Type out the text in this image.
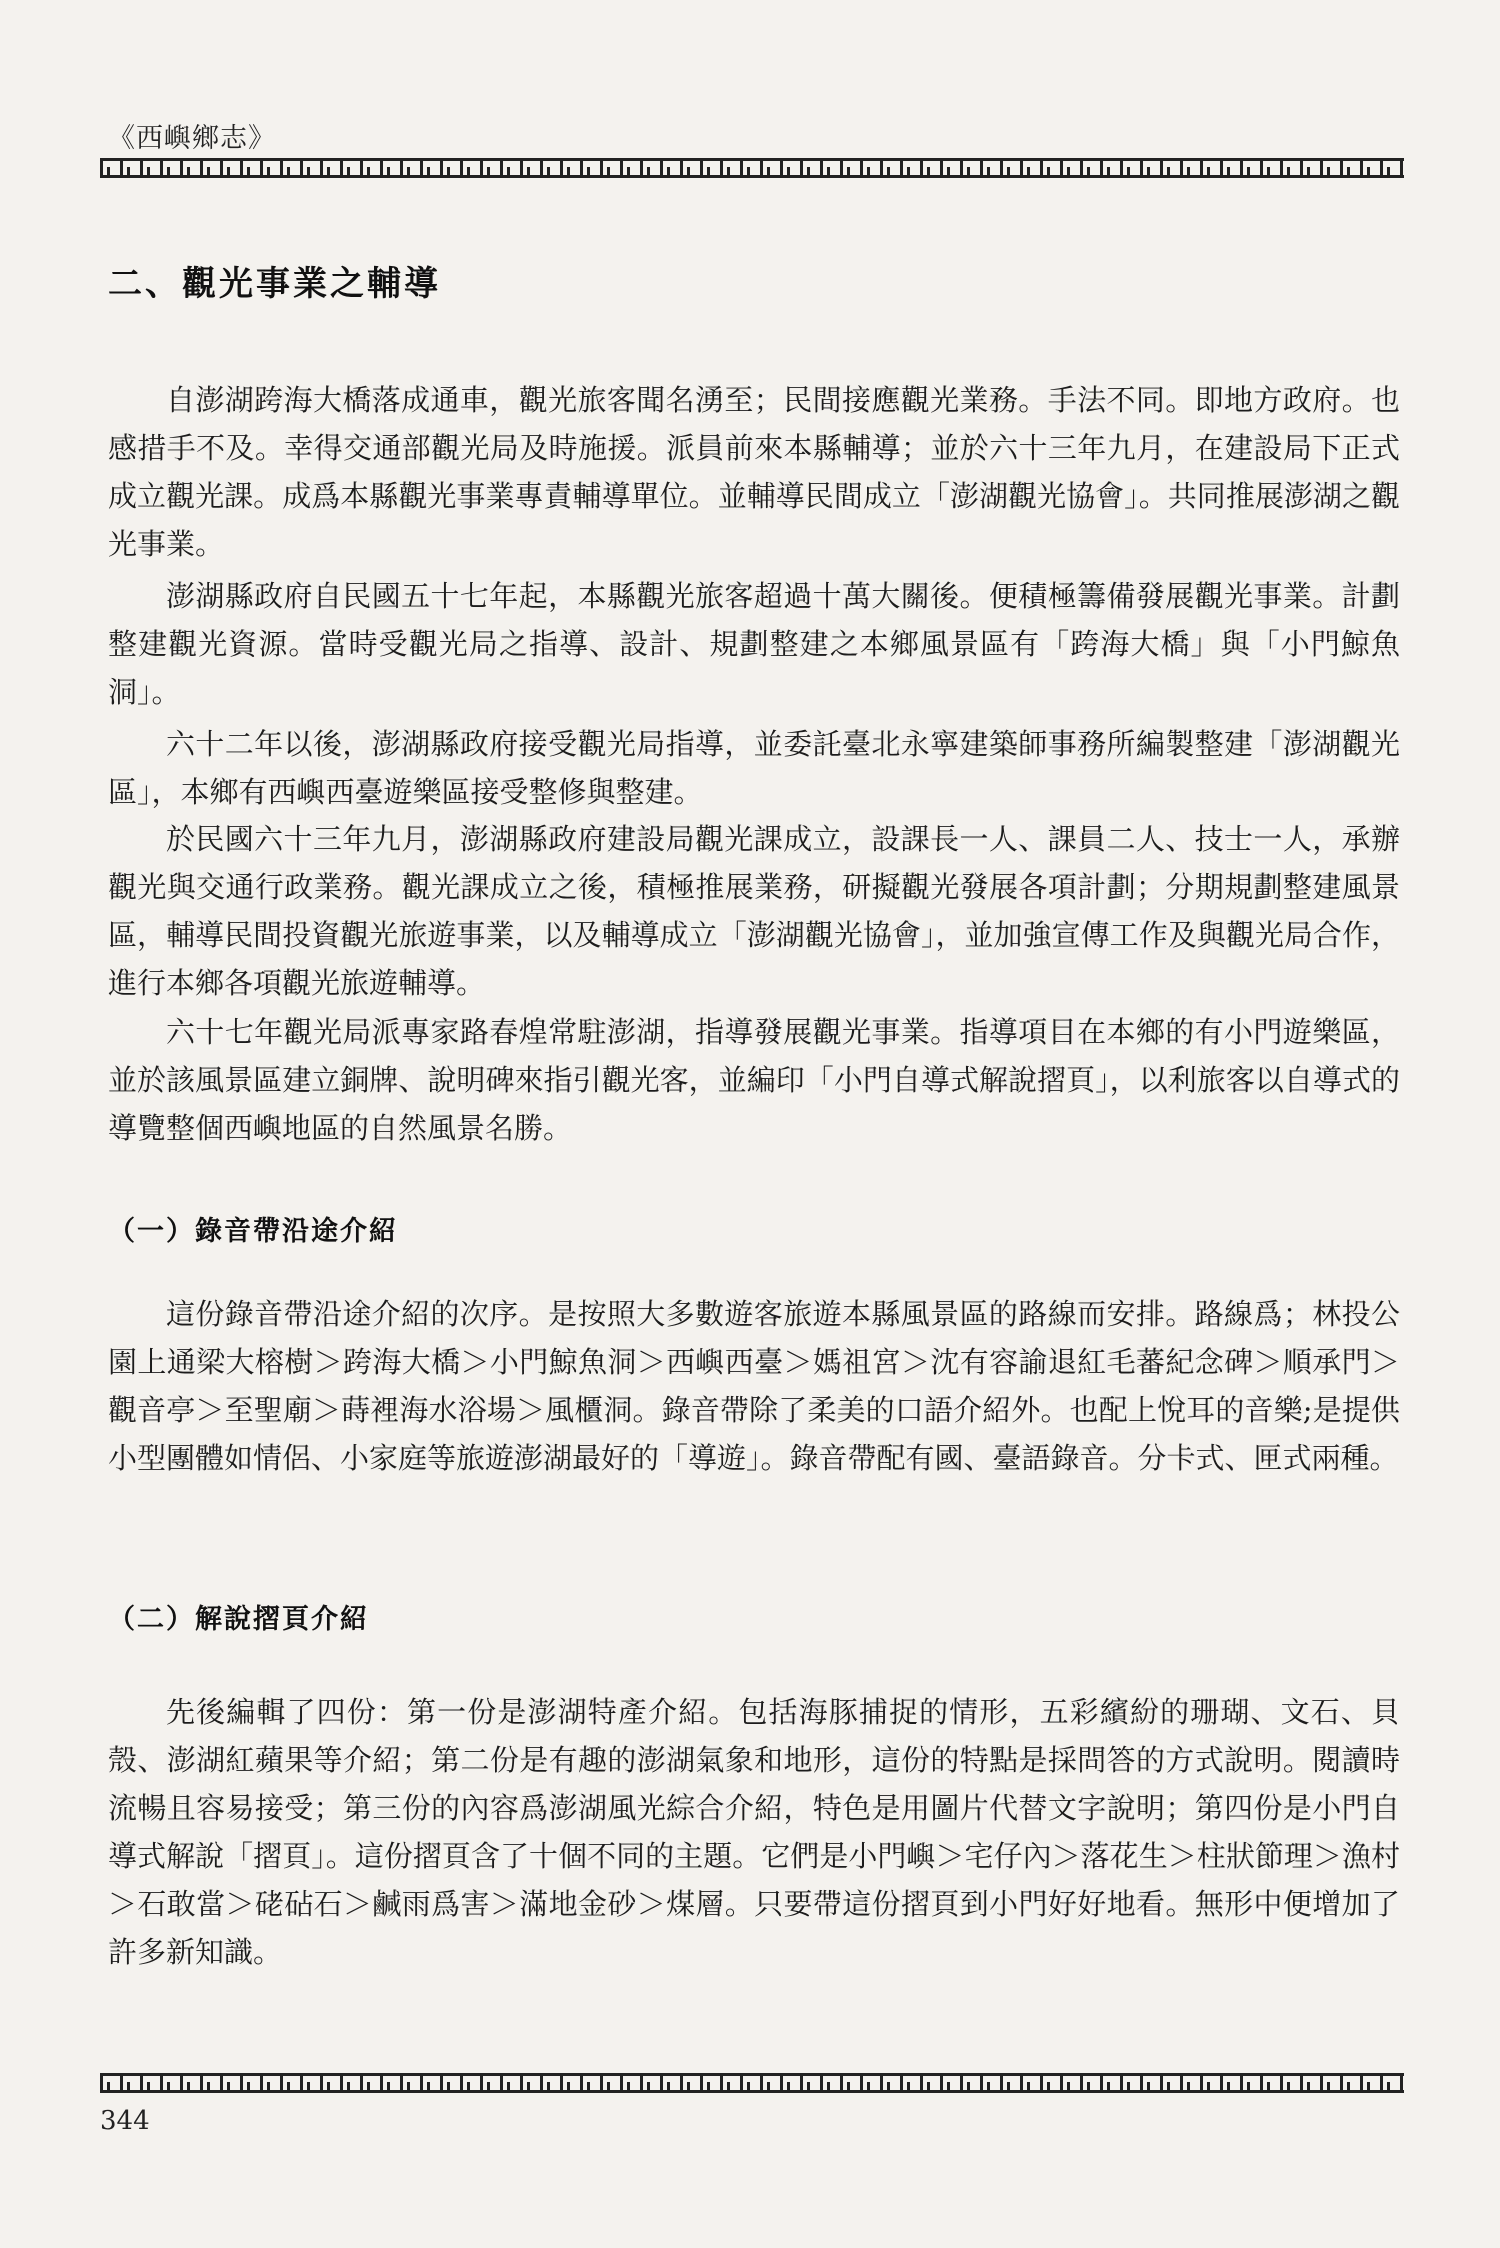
《西嶼鄉志》
二、觀光事業之輔導

自澎湖跨海大橋落成通車，觀光旅客聞名湧至；民間接應觀光業務。手法不同。即地方政府。也感措手不及。幸得交通部觀光局及時施援。派員前來本縣輔導；並於六十三年九月，在建設局下正式成立觀光課。成爲本縣觀光事業專責輔導單位。並輔導民間成立「澎湖觀光協會」。共同推展澎湖之觀光事業。

澎湖縣政府自民國五十七年起，本縣觀光旅客超過十萬大關後。便積極籌備發展觀光事業。計劃整建觀光資源。當時受觀光局之指導、設計、規劃整建之本鄉風景區有「跨海大橋」與「小門鯨魚洞」。

六十二年以後，澎湖縣政府接受觀光局指導，並委託臺北永寧建築師事務所編製整建「澎湖觀光區」，本鄉有西嶼西臺遊樂區接受整修與整建。

於民國六十三年九月，澎湖縣政府建設局觀光課成立，設課長一人、課員二人、技士一人，承辦觀光與交通行政業務。觀光課成立之後，積極推展業務，研擬觀光發展各項計劃；分期規劃整建風景區，輔導民間投資觀光旅遊事業，以及輔導成立「澎湖觀光協會」，並加強宣傳工作及與觀光局合作，進行本鄉各項觀光旅遊輔導。

六十七年觀光局派專家路春煌常駐澎湖，指導發展觀光事業。指導項目在本鄉的有小門遊樂區，並於該風景區建立銅牌、說明碑來指引觀光客，並編印「小門自導式解說摺頁」，以利旅客以自導式的導覽整個西嶼地區的自然風景名勝。

（一）錄音帶沿途介紹

這份錄音帶沿途介紹的次序。是按照大多數遊客旅遊本縣風景區的路線而安排。路線爲；林投公園上通梁大榕樹＞跨海大橋＞小門鯨魚洞＞西嶼西臺＞媽祖宮＞沈有容諭退紅毛蕃紀念碑＞順承門＞觀音亭＞至聖廟＞蒔裡海水浴場＞風櫃洞。錄音帶除了柔美的口語介紹外。也配上悅耳的音樂;是提供小型團體如情侶、小家庭等旅遊澎湖最好的「導遊」。錄音帶配有國、臺語錄音。分卡式、匣式兩種。

（二）解說摺頁介紹

先後編輯了四份：第一份是澎湖特產介紹。包括海豚捕捉的情形，五彩繽紛的珊瑚、文石、貝殼、澎湖紅蘋果等介紹；第二份是有趣的澎湖氣象和地形，這份的特點是採問答的方式說明。閱讀時流暢且容易接受；第三份的內容爲澎湖風光綜合介紹，特色是用圖片代替文字說明；第四份是小門自導式解說「摺頁」。這份摺頁含了十個不同的主題。它們是小門嶼＞宅仔內＞落花生＞柱狀節理＞漁村＞石敢當＞硓砧石＞鹹雨爲害＞滿地金砂＞煤層。只要帶這份摺頁到小門好好地看。無形中便增加了許多新知識。

344
